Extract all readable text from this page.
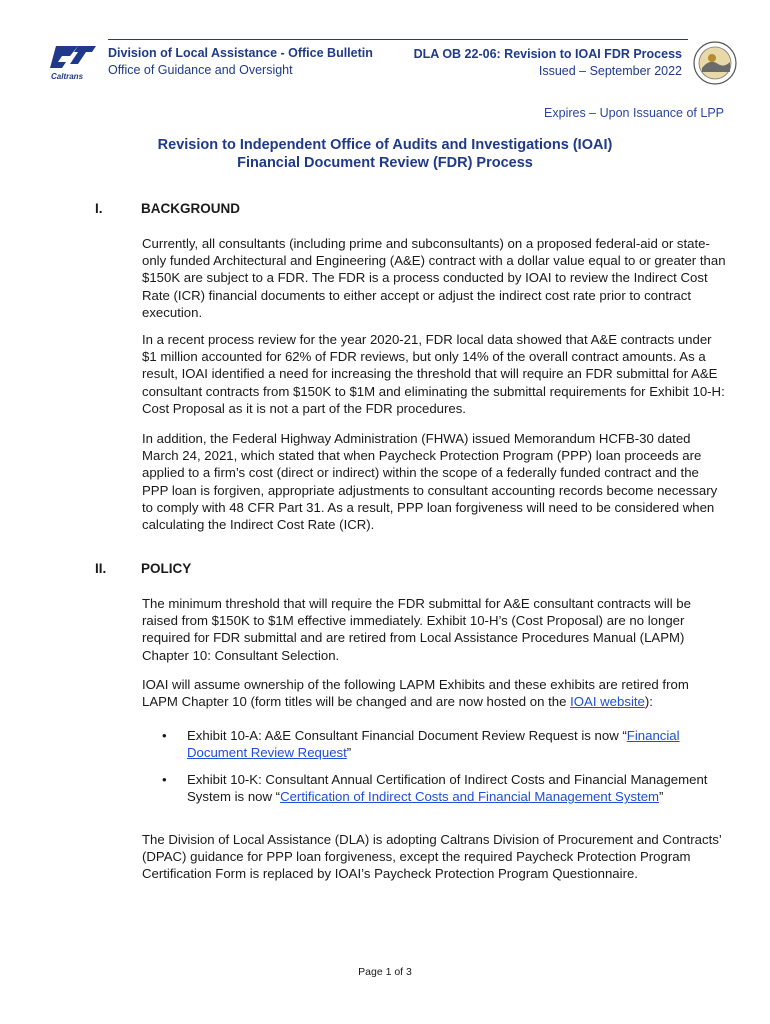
Caltrans
Division of Local Assistance - Office Bulletin
Office of Guidance and Oversight
DLA OB 22-06: Revision to IOAI FDR Process
Issued – September 2022
Expires – Upon Issuance of LPP
Revision to Independent Office of Audits and Investigations (IOAI)
Financial Document Review (FDR) Process
I.	BACKGROUND

Currently, all consultants (including prime and subconsultants) on a proposed federal-aid or state-only funded Architectural and Engineering (A&E) contract with a dollar value equal to or greater than $150K are subject to a FDR. The FDR is a process conducted by IOAI to review the Indirect Cost Rate (ICR) financial documents to either accept or adjust the indirect cost rate prior to contract execution.

In a recent process review for the year 2020-21, FDR local data showed that A&E contracts under $1 million accounted for 62% of FDR reviews, but only 14% of the overall contract amounts. As a result, IOAI identified a need for increasing the threshold that will require an FDR submittal for A&E consultant contracts from $150K to $1M and eliminating the submittal requirements for Exhibit 10-H: Cost Proposal as it is not a part of the FDR procedures.

In addition, the Federal Highway Administration (FHWA) issued Memorandum HCFB-30 dated March 24, 2021, which stated that when Paycheck Protection Program (PPP) loan proceeds are applied to a firm’s cost (direct or indirect) within the scope of a federally funded contract and the PPP loan is forgiven, appropriate adjustments to consultant accounting records become necessary to comply with 48 CFR Part 31. As a result, PPP loan forgiveness will need to be considered when calculating the Indirect Cost Rate (ICR).

II.	POLICY

The minimum threshold that will require the FDR submittal for A&E consultant contracts will be raised from $150K to $1M effective immediately. Exhibit 10-H’s (Cost Proposal) are no longer required for FDR submittal and are retired from Local Assistance Procedures Manual (LAPM) Chapter 10: Consultant Selection.

IOAI will assume ownership of the following LAPM Exhibits and these exhibits are retired from LAPM Chapter 10 (form titles will be changed and are now hosted on the IOAI website):

• Exhibit 10-A: A&E Consultant Financial Document Review Request is now “Financial Document Review Request”
• Exhibit 10-K: Consultant Annual Certification of Indirect Costs and Financial Management System is now “Certification of Indirect Costs and Financial Management System”

The Division of Local Assistance (DLA) is adopting Caltrans Division of Procurement and Contracts’ (DPAC) guidance for PPP loan forgiveness, except the required Paycheck Protection Program Certification Form is replaced by IOAI’s Paycheck Protection Program Questionnaire.

Page 1 of 3
